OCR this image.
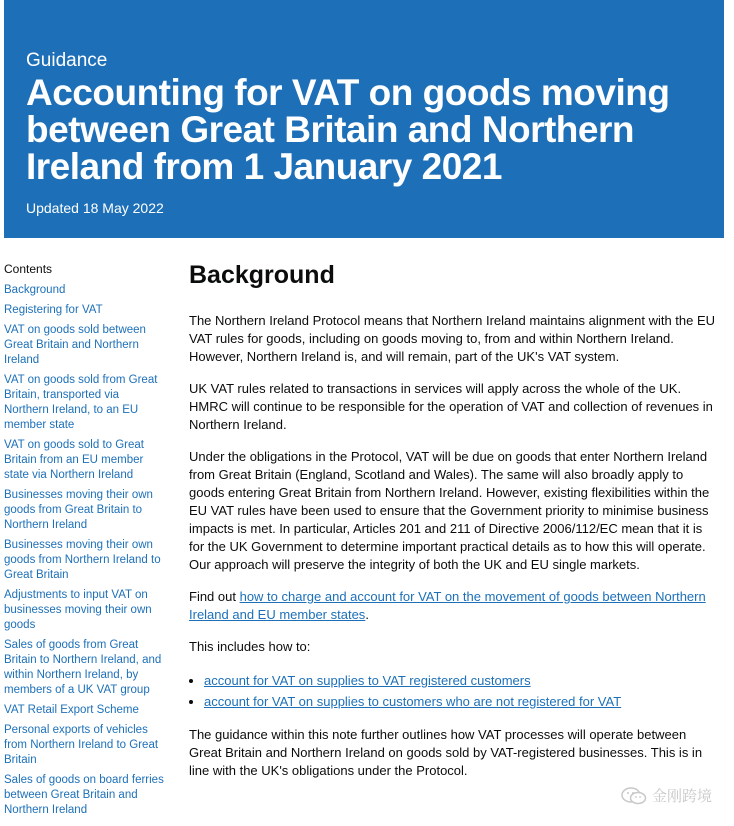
Guidance
Accounting for VAT on goods moving between Great Britain and Northern Ireland from 1 January 2021
Updated 18 May 2022
Contents
Background
Registering for VAT
VAT on goods sold between Great Britain and Northern Ireland
VAT on goods sold from Great Britain, transported via Northern Ireland, to an EU member state
VAT on goods sold to Great Britain from an EU member state via Northern Ireland
Businesses moving their own goods from Great Britain to Northern Ireland
Businesses moving their own goods from Northern Ireland to Great Britain
Adjustments to input VAT on businesses moving their own goods
Sales of goods from Great Britain to Northern Ireland, and within Northern Ireland, by members of a UK VAT group
VAT Retail Export Scheme
Personal exports of vehicles from Northern Ireland to Great Britain
Sales of goods on board ferries between Great Britain and Northern Ireland
Background

The Northern Ireland Protocol means that Northern Ireland maintains alignment with the EU VAT rules for goods, including on goods moving to, from and within Northern Ireland. However, Northern Ireland is, and will remain, part of the UK's VAT system.

UK VAT rules related to transactions in services will apply across the whole of the UK. HMRC will continue to be responsible for the operation of VAT and collection of revenues in Northern Ireland.

Under the obligations in the Protocol, VAT will be due on goods that enter Northern Ireland from Great Britain (England, Scotland and Wales). The same will also broadly apply to goods entering Great Britain from Northern Ireland. However, existing flexibilities within the EU VAT rules have been used to ensure that the Government priority to minimise business impacts is met. In particular, Articles 201 and 211 of Directive 2006/112/EC mean that it is for the UK Government to determine important practical details as to how this will operate. Our approach will preserve the integrity of both the UK and EU single markets.

Find out how to charge and account for VAT on the movement of goods between Northern Ireland and EU member states.

This includes how to:

• account for VAT on supplies to VAT registered customers
• account for VAT on supplies to customers who are not registered for VAT

The guidance within this note further outlines how VAT processes will operate between Great Britain and Northern Ireland on goods sold by VAT-registered businesses. This is in line with the UK's obligations under the Protocol.

金刚跨境
